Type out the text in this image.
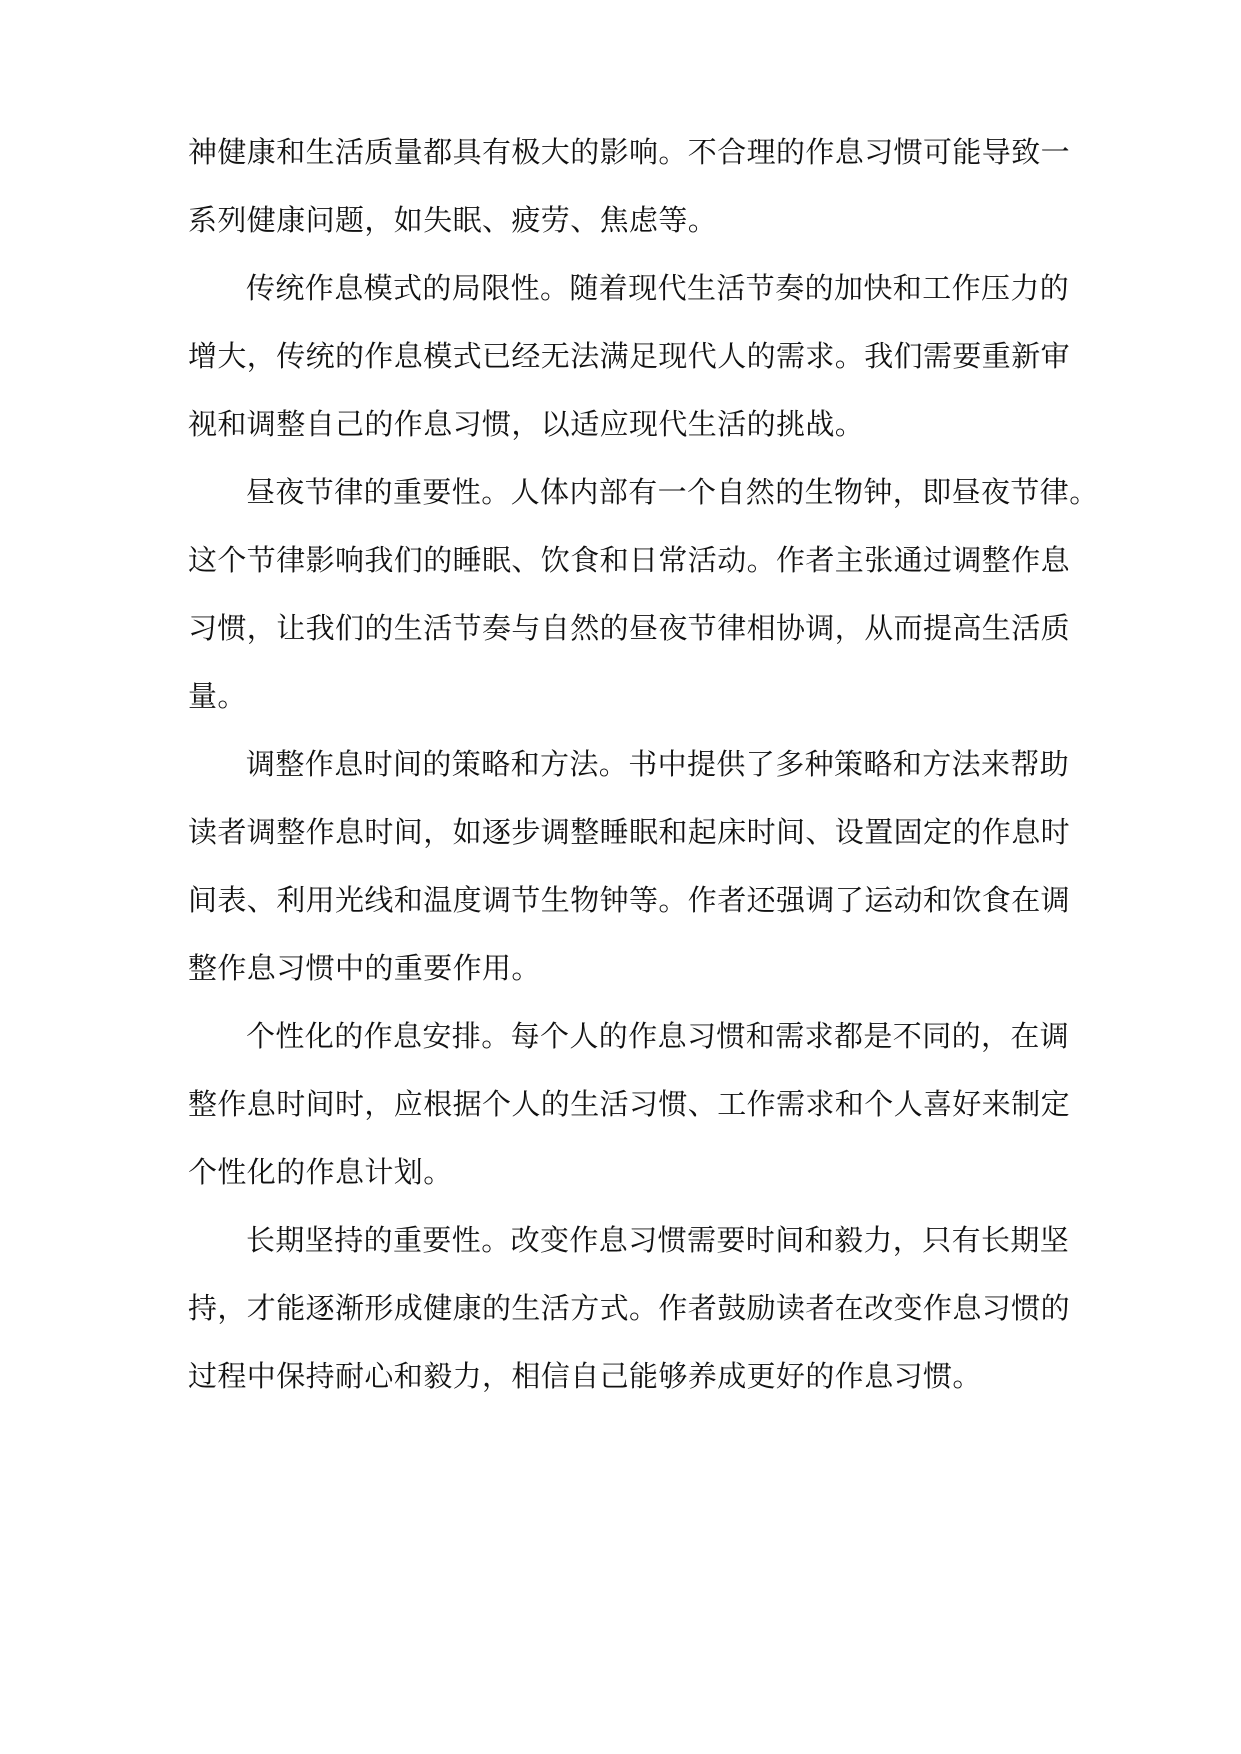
神健康和生活质量都具有极大的影响。不合理的作息习惯可能导致一
系列健康问题，如失眠、疲劳、焦虑等。
传统作息模式的局限性。随着现代生活节奏的加快和工作压力的
增大，传统的作息模式已经无法满足现代人的需求。我们需要重新审
视和调整自己的作息习惯，以适应现代生活的挑战。
昼夜节律的重要性。人体内部有一个自然的生物钟，即昼夜节律。
这个节律影响我们的睡眠、饮食和日常活动。作者主张通过调整作息
习惯，让我们的生活节奏与自然的昼夜节律相协调，从而提高生活质
量。
调整作息时间的策略和方法。书中提供了多种策略和方法来帮助
读者调整作息时间，如逐步调整睡眠和起床时间、设置固定的作息时
间表、利用光线和温度调节生物钟等。作者还强调了运动和饮食在调
整作息习惯中的重要作用。
个性化的作息安排。每个人的作息习惯和需求都是不同的，在调
整作息时间时，应根据个人的生活习惯、工作需求和个人喜好来制定
个性化的作息计划。
长期坚持的重要性。改变作息习惯需要时间和毅力，只有长期坚
持，才能逐渐形成健康的生活方式。作者鼓励读者在改变作息习惯的
过程中保持耐心和毅力，相信自己能够养成更好的作息习惯。
